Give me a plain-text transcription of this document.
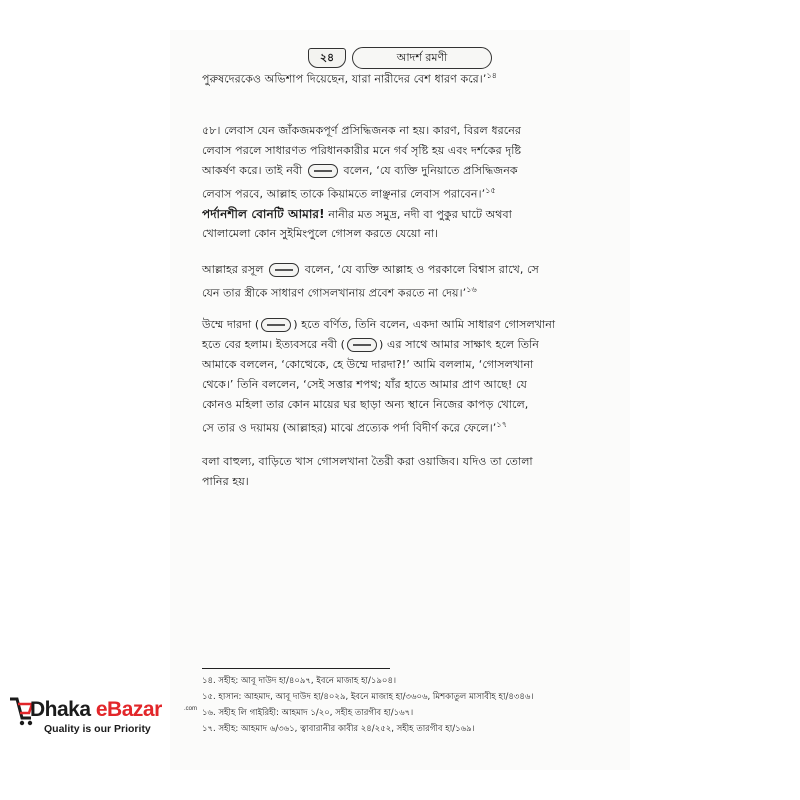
২৪	আদর্শ রমণী
পুরুষদেরকেও অভিশাপ দিয়েছেন, যারা নারীদের বেশ ধারণ করে।’$^{১৪}$
৫৮। লেবাস যেন জাঁকজমকপূর্ণ প্রসিদ্ধিজনক না হয়। কারণ, বিরল ধরনের
লেবাস পরলে সাধারণত পরিধানকারীর মনে গর্ব সৃষ্টি হয় এবং দর্শকের দৃষ্টি
আকর্ষণ করে। তাই নবী	বলেন, ‘যে ব্যক্তি দুনিয়াতে প্রসিদ্ধিজনক
লেবাস পরবে, আল্লাহ তাকে কিয়ামতে লাঞ্ছনার লেবাস পরাবেন।’$^{১৫}$
পর্দানশীল বোনটি আমার! নানীর মত সমুদ্র, নদী বা পুকুর ঘাটে অথবা
খোলামেলা কোন সুইমিংপুলে গোসল করতে যেয়ো না।
আল্লাহর রসূল	বলেন, ‘যে ব্যক্তি আল্লাহ ও পরকালে বিশ্বাস রাখে, সে
যেন তার স্ত্রীকে সাধারণ গোসলখানায় প্রবেশ করতে না দেয়।’$^{১৬}$
উম্মে দারদা (	) হতে বর্ণিত, তিনি বলেন, একদা আমি সাধারণ গোসলখানা
হতে বের হলাম। ইত্যবসরে নবী (	) এর সাথে আমার সাক্ষাৎ হলে তিনি
আমাকে বললেন, ‘কোত্থেকে, হে উম্মে দারদা?!’ আমি বললাম, ‘গোসলখানা
থেকে।’ তিনি বললেন, ‘সেই সত্তার শপথ; যাঁর হাতে আমার প্রাণ আছে! যে
কোনও মহিলা তার কোন মায়ের ঘর ছাড়া অন্য স্থানে নিজের কাপড় খোলে,
সে তার ও দয়াময় (আল্লাহর) মাঝে প্রত্যেক পর্দা বিদীর্ণ করে ফেলে।’$^{১৭}$
বলা বাহুল্য, বাড়িতে খাস গোসলখানা তৈরী করা ওয়াজিব। যদিও তা তোলা
পানির হয়।
১৪. সহীহ: আবূ দাউদ হা/৪০৯৭, ইবনে মাজাহ হা/১৯০৪।
১৫. হাসান: আহমাদ, আবূ দাউদ হা/৪০২৯, ইবনে মাজাহ হা/৩৬০৬, মিশকাতুল মাসাবীহ হা/৪৩৪৬।
১৬. সহীহ লি গাইরিহী: আহমাদ ১/২০, সহীহ তারগীব হা/১৬৭।
১৭. সহীহ: আহমাদ ৬/৩৬১, ত্বাবারানীর কাবীর ২৪/২৫২, সহীহ তারগীব হা/১৬৯।
Dhaka eBazar	.com
Quality is our Priority
